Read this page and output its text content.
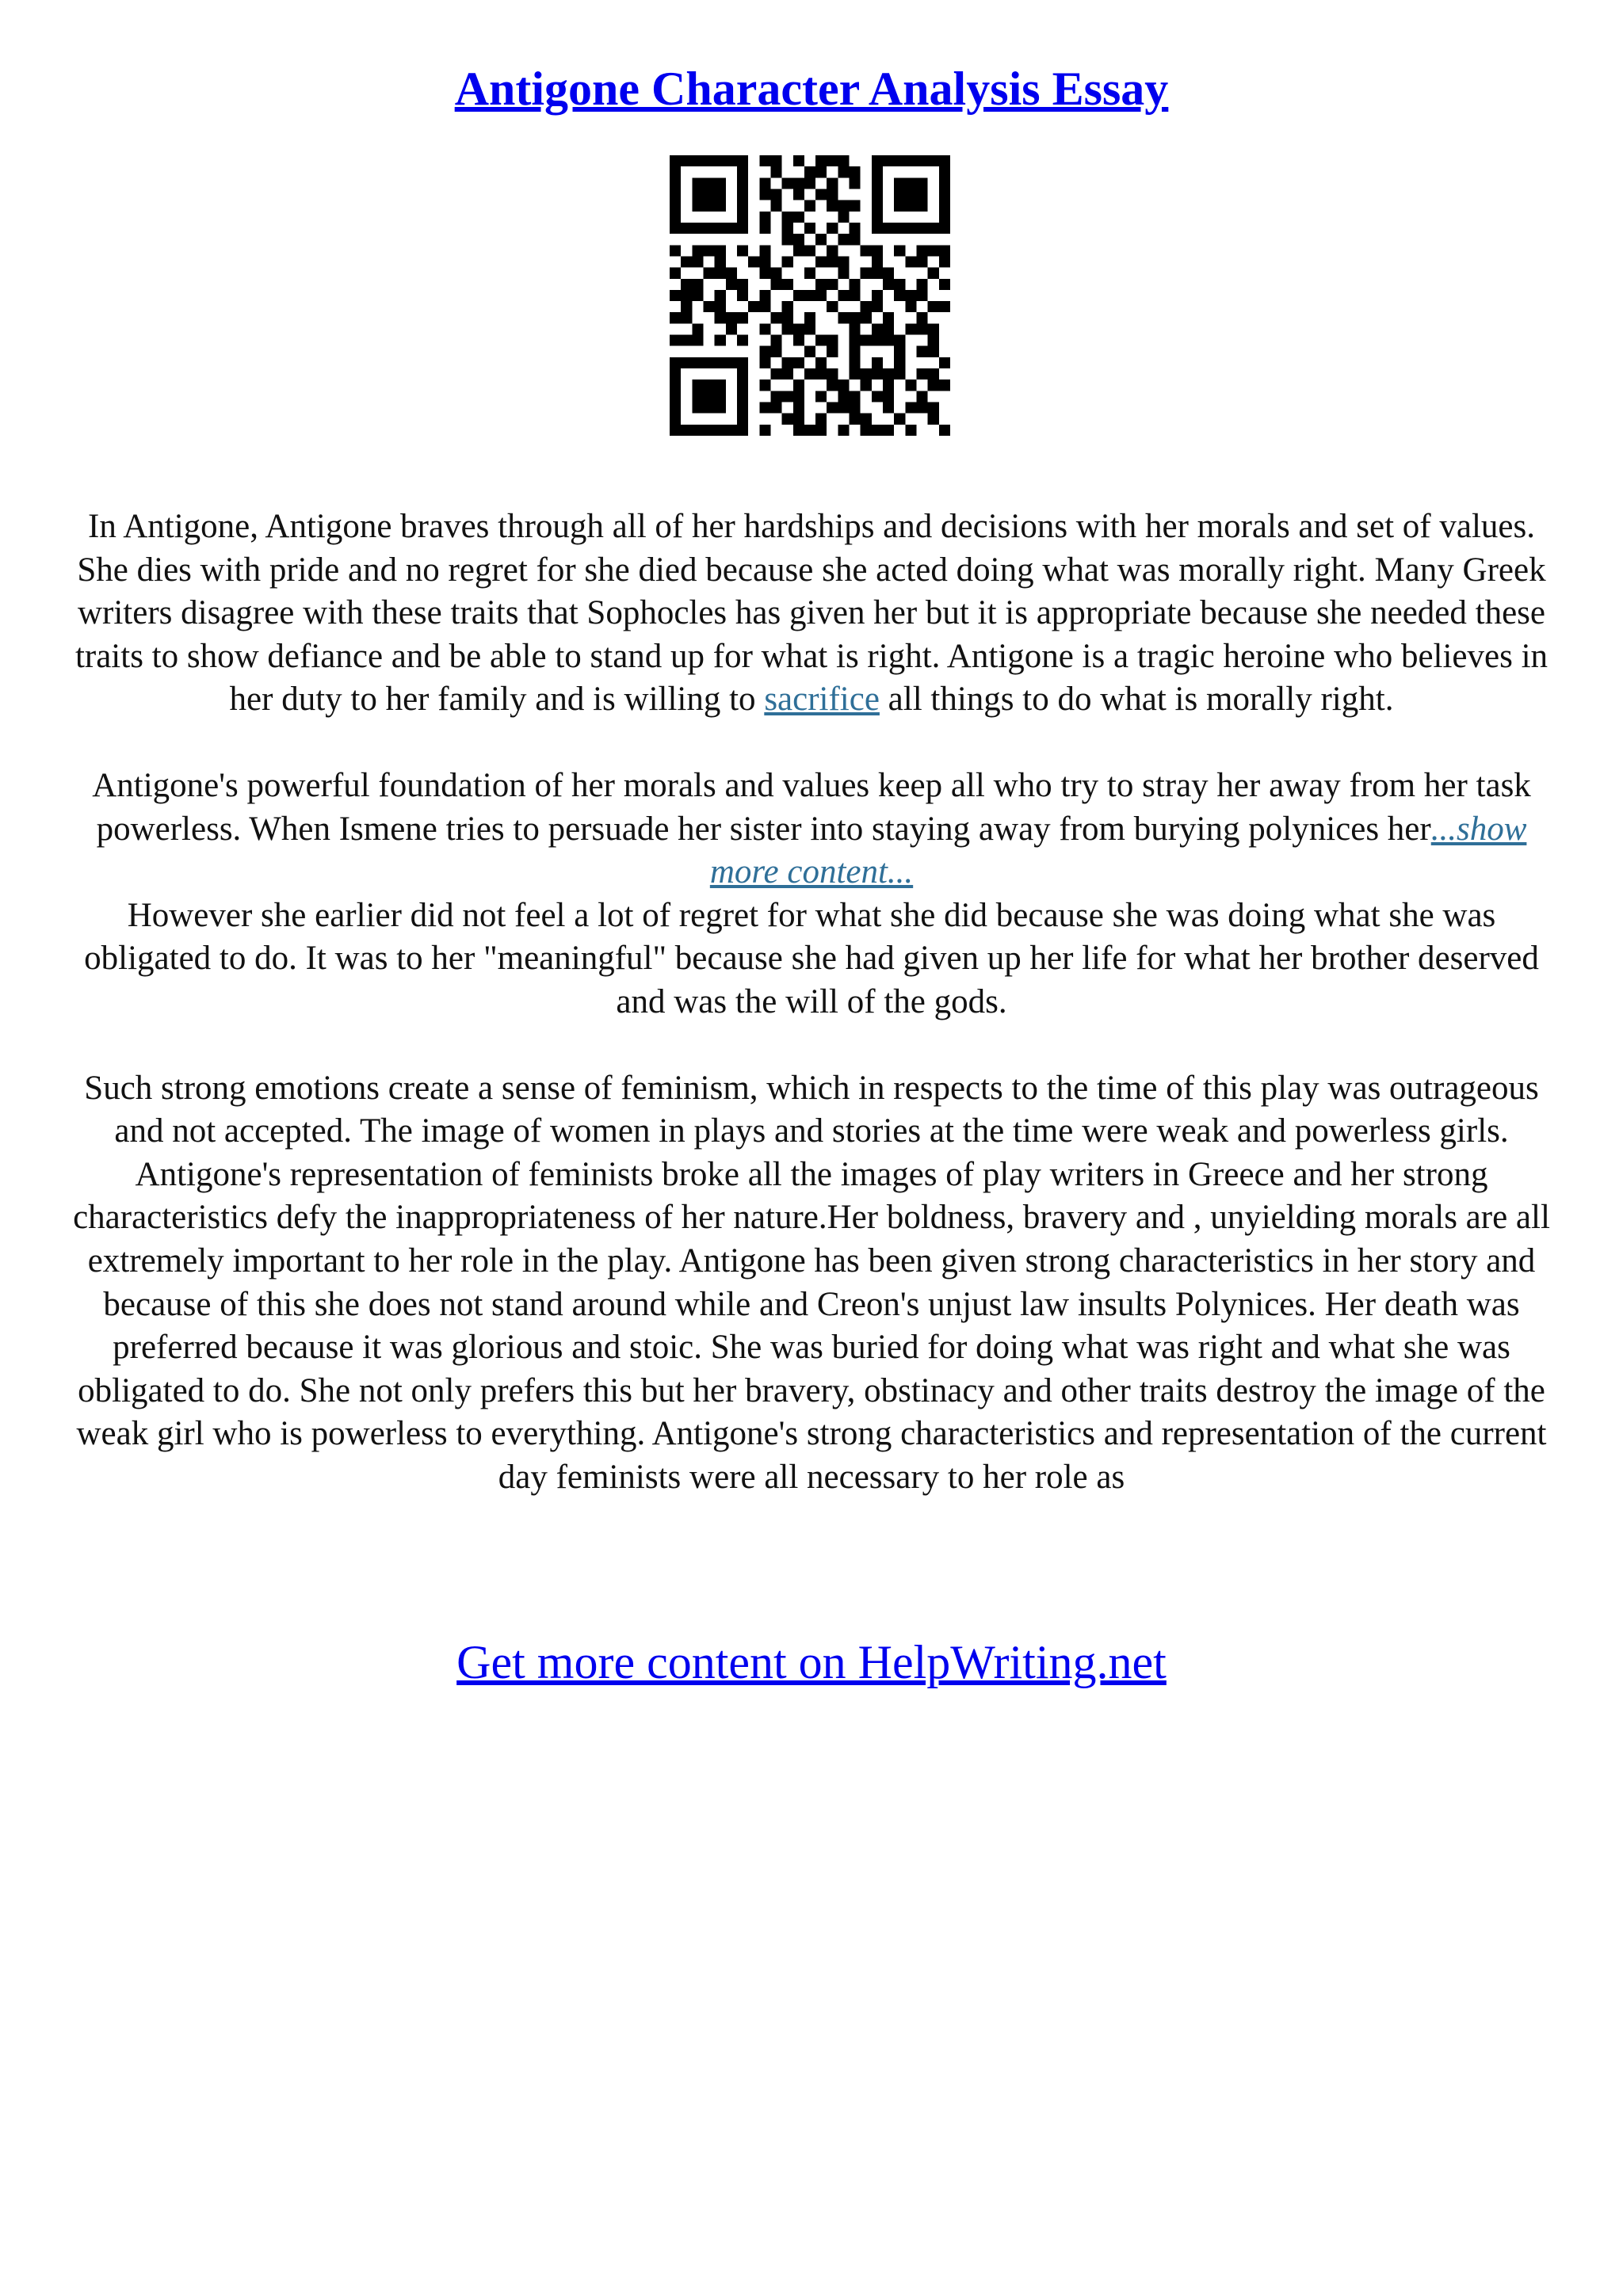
Antigone Character Analysis Essay

In Antigone, Antigone braves through all of her hardships and decisions with her morals and set of values. She dies with pride and no regret for she died because she acted doing what was morally right. Many Greek writers disagree with these traits that Sophocles has given her but it is appropriate because she needed these traits to show defiance and be able to stand up for what is right. Antigone is a tragic heroine who believes in her duty to her family and is willing to sacrifice all things to do what is morally right.

Antigone's powerful foundation of her morals and values keep all who try to stray her away from her task powerless. When Ismene tries to persuade her sister into staying away from burying polynices her...show more content...

However she earlier did not feel a lot of regret for what she did because she was doing what she was obligated to do. It was to her "meaningful" because she had given up her life for what her brother deserved and was the will of the gods.

Such strong emotions create a sense of feminism, which in respects to the time of this play was outrageous and not accepted. The image of women in plays and stories at the time were weak and powerless girls. Antigone's representation of feminists broke all the images of play writers in Greece and her strong characteristics defy the inappropriateness of her nature.Her boldness, bravery and , unyielding morals are all extremely important to her role in the play. Antigone has been given strong characteristics in her story and because of this she does not stand around while and Creon's unjust law insults Polynices. Her death was preferred because it was glorious and stoic. She was buried for doing what was right and what she was obligated to do. She not only prefers this but her bravery, obstinacy and other traits destroy the image of the weak girl who is powerless to everything. Antigone's strong characteristics and representation of the current day feminists were all necessary to her role as

Get more content on HelpWriting.net
